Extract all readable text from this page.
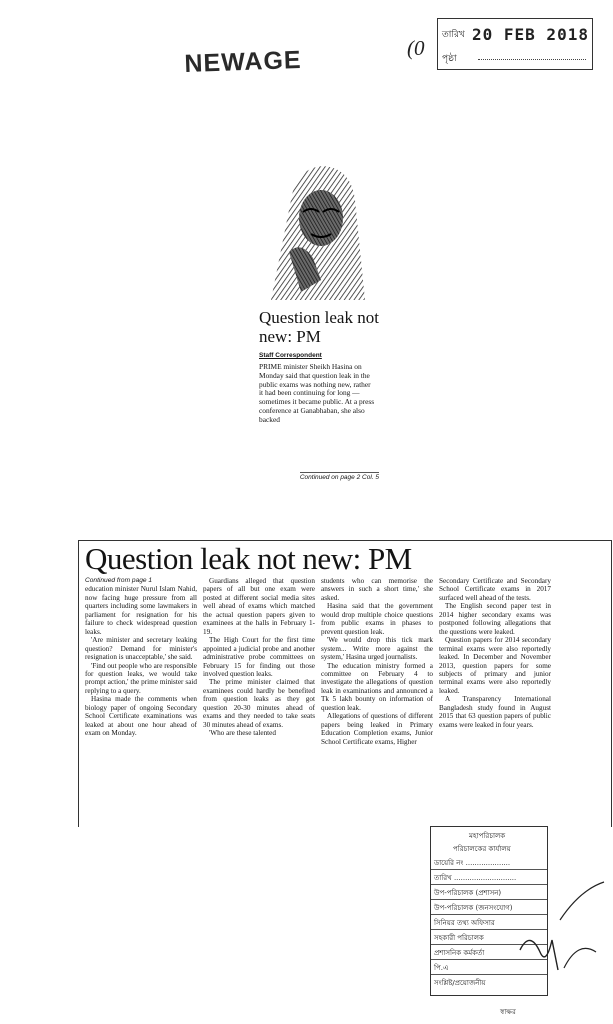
NEWAGE	(0
তারিখ 20 FEB 2018
পৃষ্ঠা
Question leak not new: PM
Staff Correspondent
PRIME minister Sheikh Hasina on Monday said that question leak in the public exams was nothing new, rather it had been continuing for long — sometimes it became public. At a press conference at Ganabhaban, she also backed
Continued on page 2 Col. 5
Question leak not new: PM

Continued from page 1

education minister Nurul Islam Nahid, now facing huge pressure from all quarters including some lawmakers in parliament for resignation for his failure to check widespread question leaks.

'Are minister and secretary leaking question? Demand for minister's resignation is unacceptable,' she said.

'Find out people who are responsible for question leaks, we would take prompt action,' the prime minister said replying to a query.

Hasina made the comments when biology paper of ongoing Secondary School Certificate examinations was leaked at about one hour ahead of exam on Monday.

Guardians alleged that question papers of all but one exam were posted at different social media sites well ahead of exams which matched the actual question papers given to examinees at the halls in February 1-19.

The High Court for the first time appointed a judicial probe and another administrative probe committees on February 15 for finding out those involved question leaks.

The prime minister claimed that examinees could hardly be benefited from question leaks as they got question 20-30 minutes ahead of exams and they needed to take seats 30 minutes ahead of exams.

'Who are these talented

students who can memorise the answers in such a short time,' she asked.

Hasina said that the government would drop multiple choice questions from public exams in phases to prevent question leak.

'We would drop this tick mark system... Write more against the system,' Hasina urged journalists.

The education ministry formed a committee on February 4 to investigate the allegations of question leak in examinations and announced a Tk 5 lakh bounty on information of question leak.

Allegations of questions of different papers being leaked in Primary Education Completion exams, Junior School Certificate exams, Higher

Secondary Certificate and Secondary School Certificate exams in 2017 surfaced well ahead of the tests.

The English second paper test in 2014 higher secondary exams was postponed following allegations that the questions were leaked.

Question papers for 2014 secondary terminal exams were also reportedly leaked. In December and November 2013, question papers for some subjects of primary and junior terminal exams were also reportedly leaked.

A Transparency International Bangladesh study found in August 2015 that 63 question papers of public exams were leaked in four years.

মহাপরিচালক
পরিচালকের কার্যালয়
ডায়েরি নং ....................
তারিখ ............................
উপ-পরিচালক (প্রশাসন)
উপ-পরিচালক (জনসংযোগ)
সিনিয়র তথ্য অফিসার
সহকারী পরিচালক
প্রশাসনিক কর্মকর্তা
পি.এ
সংশ্লিষ্ট/প্রয়োজনীয়
স্বাক্ষর
